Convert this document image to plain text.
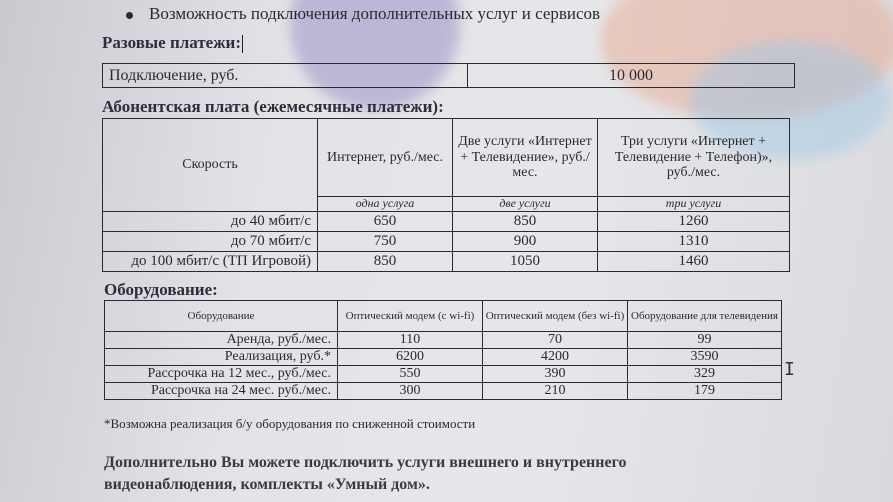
Возможность подключения дополнительных услуг и сервисов
Разовые платежи:
Подключение, руб.	10 000
Абонентская плата (ежемесячные платежи):
Скорость	Интернет, руб./мес.	Две услуги «Интернет + Телевидение», руб./мес.	Три услуги «Интернет + Телевидение + Телефон)», руб./мес.
	одна услуга	две услуги	три услуги
до 40 мбит/с	650	850	1260
до 70 мбит/с	750	900	1310
до 100 мбит/с (ТП Игровой)	850	1050	1460
Оборудование:
Оборудование	Оптический модем (с wi-fi)	Оптический модем (без wi-fi)	Оборудование для телевидения
Аренда, руб./мес.	110	70	99
Реализация, руб.*	6200	4200	3590
Рассрочка на 12 мес., руб./мес.	550	390	329
Рассрочка на 24 мес. руб./мес.	300	210	179
*Возможна реализация б/у оборудования по сниженной стоимости
Дополнительно Вы можете подключить услуги внешнего и внутреннего
видеонаблюдения, комплекты «Умный дом».
I
